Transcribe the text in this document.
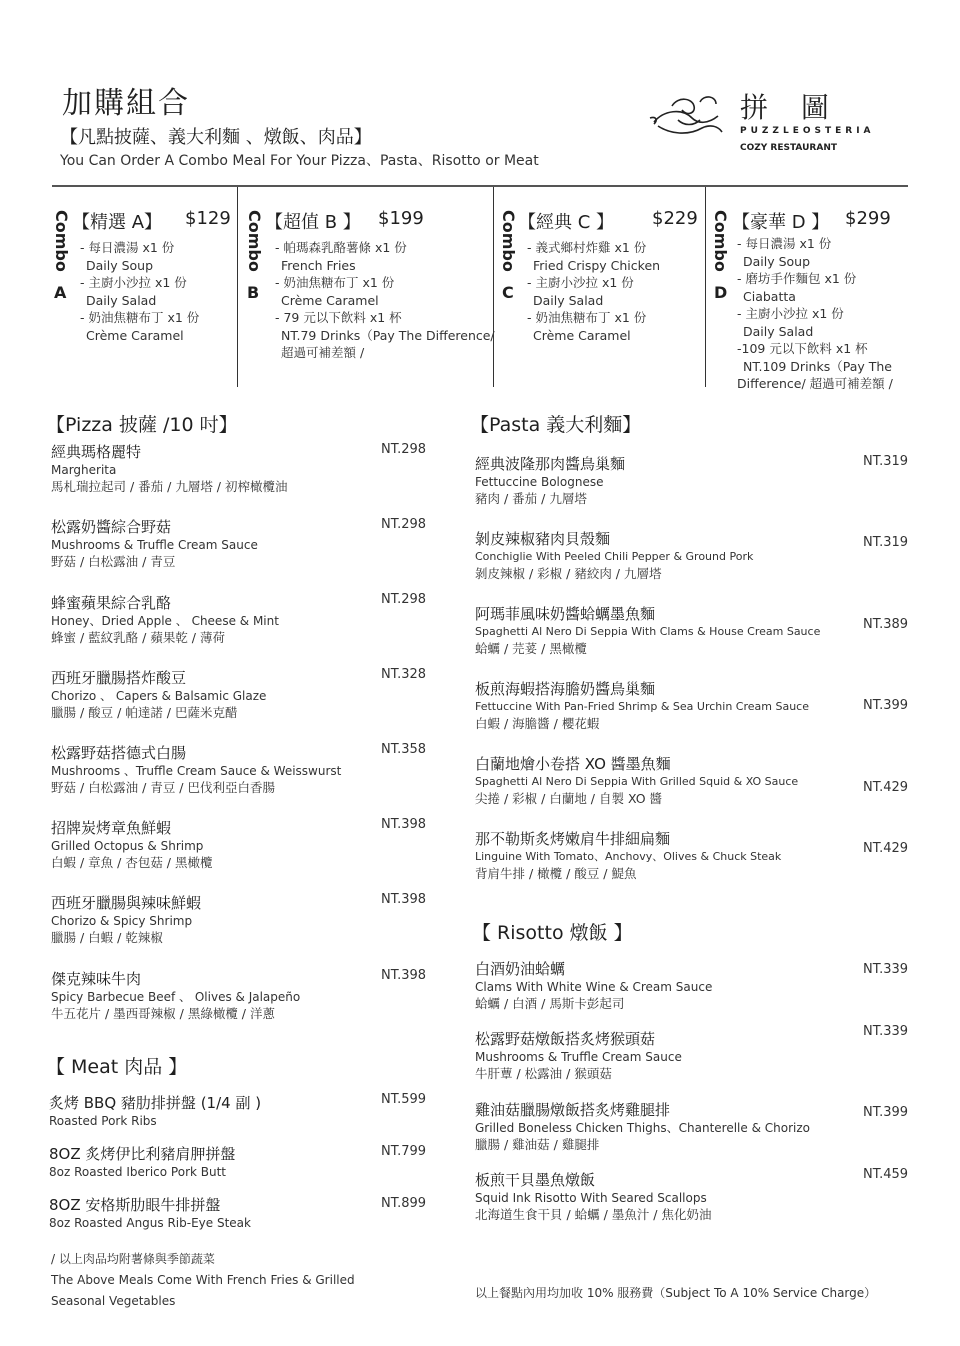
加購組合
【凡點披薩、義大利麵 、燉飯、肉品】
You Can Order A Combo Meal For Your Pizza、Pasta、Risotto or Meat
拼 圖
PUZZLEOSTERIA
COZY RESTAURANT
Combo
A
【精選 A】 $129
- 每日濃湯 x1 份
Daily Soup
- 主廚小沙拉 x1 份
Daily Salad
- 奶油焦糖布丁 x1 份
Crème Caramel
Combo
B
【超值 B 】 $199
- 帕瑪森乳酪薯條 x1 份
French Fries
- 奶油焦糖布丁 x1 份
Crème Caramel
- 79 元以下飲料 x1 杯
NT.79 Drinks（Pay The Difference/
超過可補差額 /
Combo
C
【經典 C 】 $229
- 義式鄉村炸雞 x1 份
Fried Crispy Chicken
- 主廚小沙拉 x1 份
Daily Salad
- 奶油焦糖布丁 x1 份
Crème Caramel
Combo
D
【豪華 D 】 $299
- 每日濃湯 x1 份
Daily Soup
- 磨坊手作麵包 x1 份
Ciabatta
- 主廚小沙拉 x1 份
Daily Salad
-109 元以下飲料 x1 杯
NT.109 Drinks（Pay The
Difference/ 超過可補差額 /
【Pizza 披薩 /10 吋】
經典瑪格麗特
Margherita
馬札瑞拉起司 / 番茄 / 九層塔 / 初榨橄欖油
NT.298
松露奶醬綜合野菇
Mushrooms & Truffle Cream Sauce
野菇 / 白松露油 / 青豆
NT.298
蜂蜜蘋果綜合乳酪
Honey、Dried Apple 、 Cheese & Mint
蜂蜜 / 藍紋乳酪 / 蘋果乾 / 薄荷
NT.298
西班牙臘腸搭炸酸豆
Chorizo 、 Capers & Balsamic Glaze
臘腸 / 酸豆 / 帕達諾 / 巴薩米克醋
NT.328
松露野菇搭德式白腸
Mushrooms 、Truffle Cream Sauce & Weisswurst
野菇 / 白松露油 / 青豆 / 巴伐利亞白香腸
NT.358
招牌炭烤章魚鮮蝦
Grilled Octopus & Shrimp
白蝦 / 章魚 / 杏包菇 / 黑橄欖
NT.398
西班牙臘腸與辣味鮮蝦
Chorizo & Spicy Shrimp
臘腸 / 白蝦 / 乾辣椒
NT.398
傑克辣味牛肉
Spicy Barbecue Beef 、 Olives & Jalapeño
牛五花片 / 墨西哥辣椒 / 黑綠橄欖 / 洋蔥
NT.398
【 Meat 肉品 】
炙烤 BBQ 豬肋排拼盤 (1/4 副 )
Roasted Pork Ribs
NT.599
8OZ 炙烤伊比利豬肩胛拼盤
8oz Roasted Iberico Pork Butt
NT.799
8OZ 安格斯肋眼牛排拼盤
8oz Roasted Angus Rib-Eye Steak
NT.899
/ 以上肉品均附薯條與季節蔬菜
The Above Meals Come With French Fries & Grilled
Seasonal Vegetables
【Pasta 義大利麵】
經典波隆那肉醬鳥巢麵
Fettuccine Bolognese
豬肉 / 番茄 / 九層塔
NT.319
剝皮辣椒豬肉貝殼麵
Conchiglie With Peeled Chili Pepper & Ground Pork
剝皮辣椒 / 彩椒 / 豬絞肉 / 九層塔
NT.319
阿瑪菲風味奶醬蛤蠣墨魚麵
Spaghetti Al Nero Di Seppia With Clams & House Cream Sauce
蛤蠣 / 芫荽 / 黑橄欖
NT.389
板煎海蝦搭海膽奶醬鳥巢麵
Fettuccine With Pan-Fried Shrimp & Sea Urchin Cream Sauce
白蝦 / 海膽醬 / 櫻花蝦
NT.399
白蘭地燴小卷搭 XO 醬墨魚麵
Spaghetti Al Nero Di Seppia With Grilled Squid & XO Sauce
尖捲 / 彩椒 / 白蘭地 / 自製 XO 醬
NT.429
那不勒斯炙烤嫩肩牛排細扁麵
Linguine With Tomato、Anchovy、Olives & Chuck Steak
背肩牛排 / 橄欖 / 酸豆 / 鯷魚
NT.429
【 Risotto 燉飯 】
白酒奶油蛤蠣
Clams With White Wine & Cream Sauce
蛤蠣 / 白酒 / 馬斯卡彭起司
NT.339
松露野菇燉飯搭炙烤猴頭菇
Mushrooms & Truffle Cream Sauce
牛肝蕈 / 松露油 / 猴頭菇
NT.339
雞油菇臘腸燉飯搭炙烤雞腿排
Grilled Boneless Chicken Thighs、Chanterelle & Chorizo
臘腸 / 雞油菇 / 雞腿排
NT.399
板煎干貝墨魚燉飯
Squid Ink Risotto With Seared Scallops
北海道生食干貝 / 蛤蠣 / 墨魚汁 / 焦化奶油
NT.459
以上餐點內用均加收 10% 服務費（Subject To A 10% Service Charge）
